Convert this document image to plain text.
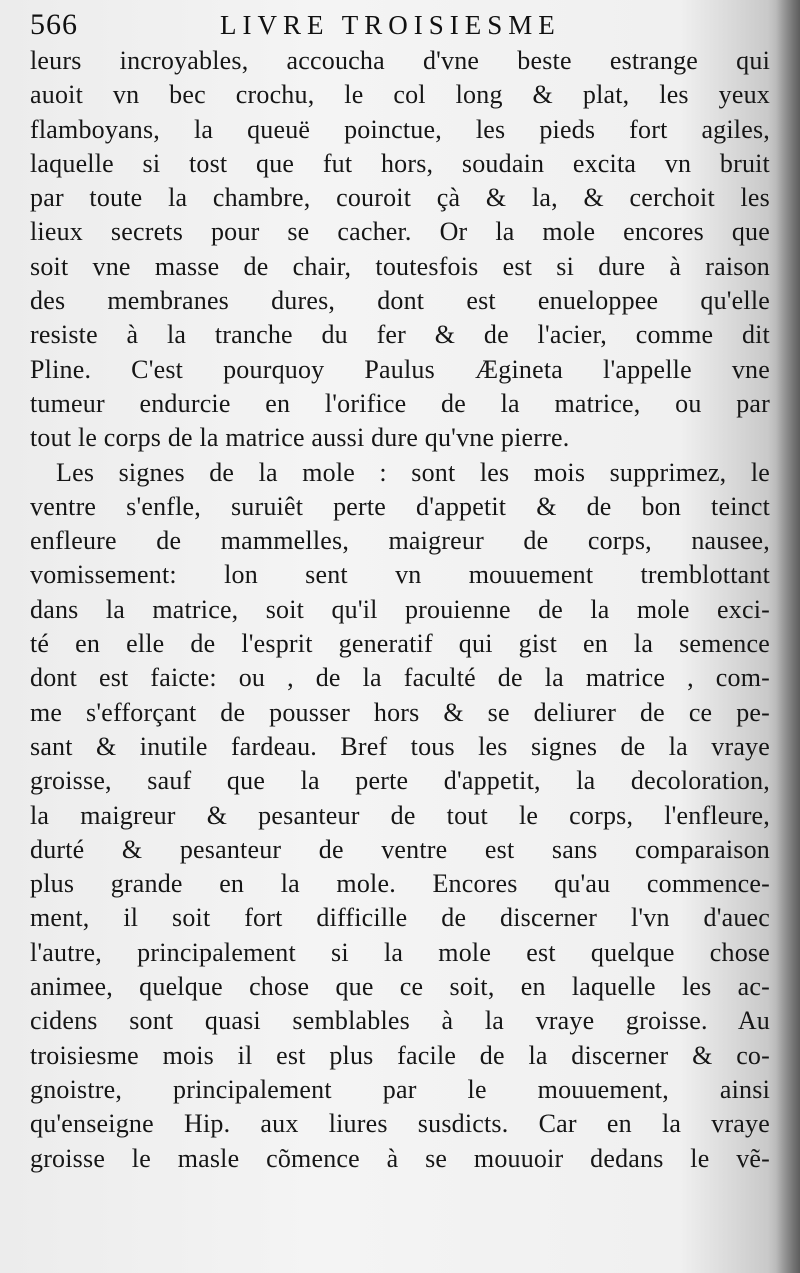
566	LIVRE TROISIESME
leurs incroyables, accoucha d'vne beste estrange qui
auoit vn bec crochu, le col long & plat, les yeux
flamboyans, la queuë poinctue, les pieds fort agiles,
laquelle si tost que fut hors, soudain excita vn bruit
par toute la chambre, couroit çà & la, & cerchoit les
lieux secrets pour se cacher. Or la mole encores que
soit vne masse de chair, toutesfois est si dure à raison
des membranes dures, dont est enueloppee qu'elle
resiste à la tranche du fer & de l'acier, comme dit
Pline. C'est pourquoy Paulus Ægineta l'appelle vne
tumeur endurcie en l'orifice de la matrice, ou par
tout le corps de la matrice aussi dure qu'vne pierre.
Les signes de la mole : sont les mois supprimez, le
ventre s'enfle, suruiêt perte d'appetit & de bon teinct
enfleure de mammelles, maigreur de corps, nausee,
vomissement: lon sent vn mouuement tremblottant
dans la matrice, soit qu'il prouienne de la mole exci-
té en elle de l'esprit generatif qui gist en la semence
dont est faicte: ou , de la faculté de la matrice , com-
me s'efforçant de pousser hors & se deliurer de ce pe-
sant & inutile fardeau. Bref tous les signes de la vraye
groisse, sauf que la perte d'appetit, la decoloration,
la maigreur & pesanteur de tout le corps, l'enfleure,
durté & pesanteur de ventre est sans comparaison
plus grande en la mole. Encores qu'au commence-
ment, il soit fort difficille de discerner l'vn d'auec
l'autre, principalement si la mole est quelque chose
animee, quelque chose que ce soit, en laquelle les ac-
cidens sont quasi semblables à la vraye groisse. Au
troisiesme mois il est plus facile de la discerner & co-
gnoistre, principalement par le mouuement, ainsi
qu'enseigne Hip. aux liures susdicts. Car en la vraye
groisse le masle cõmence à se mouuoir dedans le vẽ-
